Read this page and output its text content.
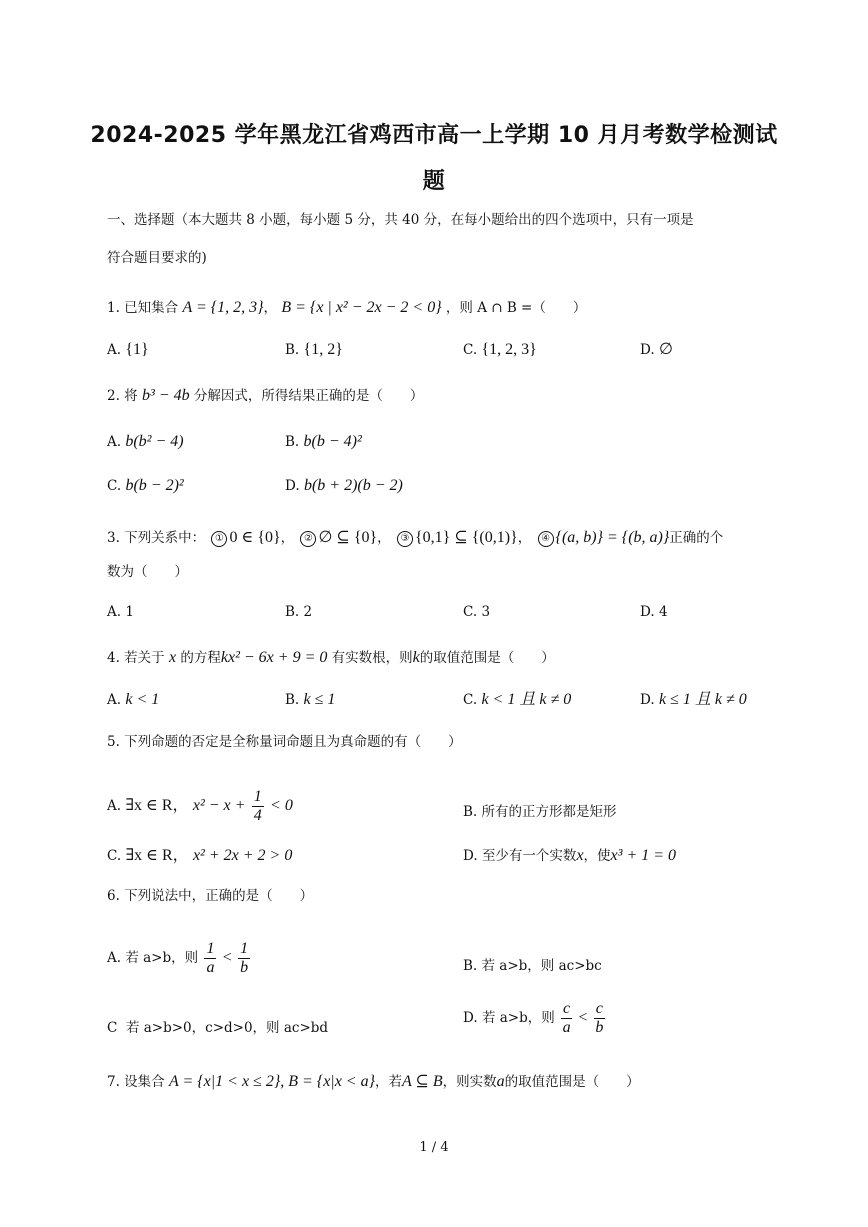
2024-2025 学年黑龙江省鸡西市高一上学期 10 月月考数学检测试
题
一、选择题（本大题共 8 小题，每小题 5 分，共 40 分，在每小题给出的四个选项中，只有一项是
符合题目要求的)
1. 已知集合 A = {1, 2, 3}， B = {x | x² − 2x − 2 < 0} ，则 A ∩ B =（　　）
A. {1}	B. {1, 2}	C. {1, 2, 3}	D. ∅
2. 将 b³ − 4b 分解因式，所得结果正确的是（　　）
A. b(b² − 4)	B. b(b − 4)²
C. b(b − 2)²	D. b(b + 2)(b − 2)
3. 下列关系中： ① 0 ∈ {0}， ② ∅ ⊆ {0}， ③ {0,1} ⊆ {(0,1)}， ④ {(a, b)} = {(b, a)}正确的个
数为（　　）
A. 1	B. 2	C. 3	D. 4
4. 若关于 x 的方程kx² − 6x + 9 = 0 有实数根，则k的取值范围是（　　）
A. k < 1	B. k ≤ 1	C. k < 1 且 k ≠ 0	D. k ≤ 1 且 k ≠ 0
5. 下列命题的否定是全称量词命题且为真命题的有（　　）
A. ∃x ∈ R， $x^2 - x + \frac{1}{4} < 0$	B. 所有的正方形都是矩形
C. ∃x ∈ R， x² + 2x + 2 > 0	D. 至少有一个实数x，使x³ + 1 = 0
6. 下列说法中，正确的是（　　）
A. 若 a>b，则 $\frac{1}{a} < \frac{1}{b}$	B. 若 a>b，则 ac>bc
C 若 a>b>0，c>d>0，则 ac>bd
D. 若 a>b，则 $\frac{c}{a} < \frac{c}{b}$
7. 设集合 A = {x|1 < x ≤ 2}, B = {x|x < a}，若A ⊆ B，则实数a的取值范围是（　　）
1 / 4
